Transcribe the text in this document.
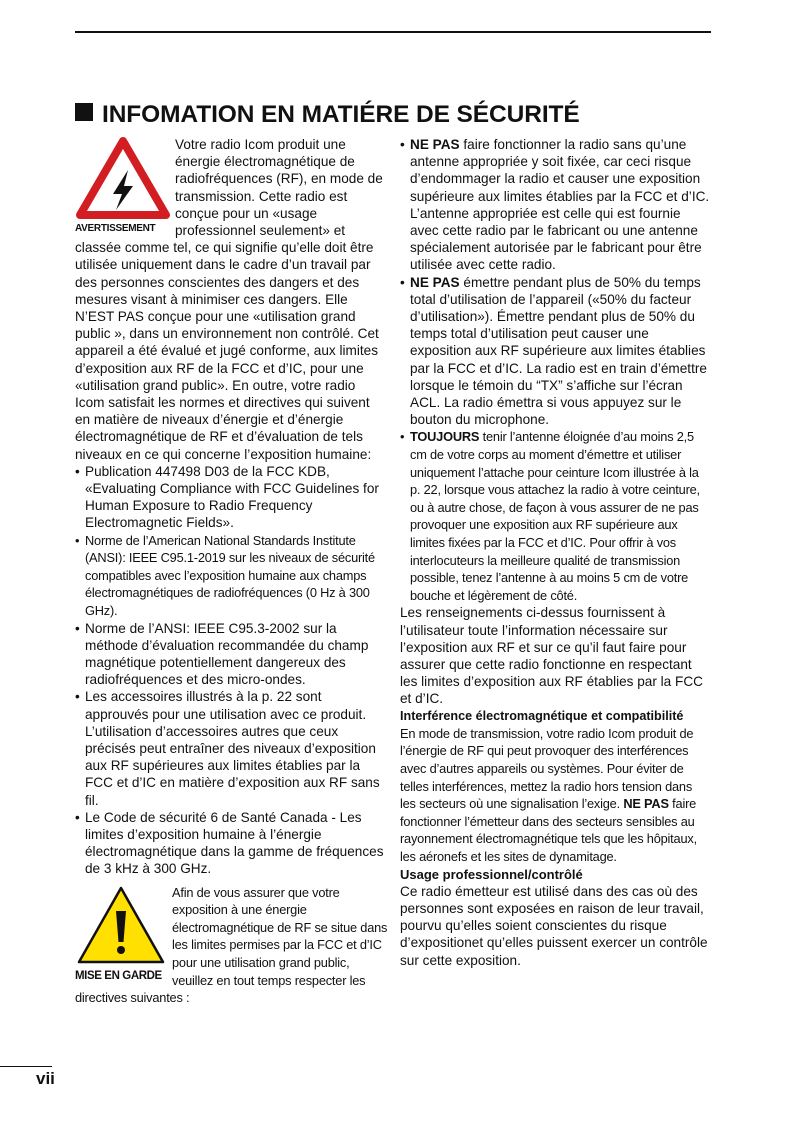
INFOMATION EN MATIÉRE DE SÉCURITÉ
AVERTISSEMENT

Votre radio Icom produit une énergie électromagnétique de radiofréquences (RF), en mode de transmission. Cette radio est conçue pour un «usage professionnel seulement» et classée comme tel, ce qui signifie qu’elle doit être utilisée uniquement dans le cadre d’un travail par des personnes conscientes des dangers et des mesures visant à minimiser ces dangers. Elle N’EST PAS conçue pour une «utilisation grand public », dans un environnement non contrôlé. Cet appareil a été évalué et jugé conforme, aux limites d’exposition aux RF de la FCC et d’IC, pour une «utilisation grand public». En outre, votre radio Icom satisfait les normes et directives qui suivent en matière de niveaux d’énergie et d’énergie électromagnétique de RF et d’évaluation de tels niveaux en ce qui concerne l’exposition humaine:

• Publication 447498 D03 de la FCC KDB, «Evaluating Compliance with FCC Guidelines for Human Exposure to Radio Frequency Electromagnetic Fields».
• Norme de l’American National Standards Institute (ANSI): IEEE C95.1-2019 sur les niveaux de sécurité compatibles avec l’exposition humaine aux champs électromagnétiques de radiofréquences (0 Hz à 300 GHz).
• Norme de l’ANSI: IEEE C95.3-2002 sur la méthode d’évaluation recommandée du champ magnétique potentiellement dangereux des radiofréquences et des micro-ondes.
• Les accessoires illustrés à la p. 22 sont approuvés pour une utilisation avec ce produit. L’utilisation d’accessoires autres que ceux précisés peut entraîner des niveaux d’exposition aux RF supérieures aux limites établies par la FCC et d’IC en matière d’exposition aux RF sans fil.
• Le Code de sécurité 6 de Santé Canada - Les limites d’exposition humaine à l’énergie électromagnétique dans la gamme de fréquences de 3 kHz à 300 GHz.
MISE EN GARDE

Afin de vous assurer que votre exposition à une énergie électromagnétique de RF se situe dans les limites permises par la FCC et d’IC pour une utilisation grand public, veuillez en tout temps respecter les directives suivantes :

• NE PAS faire fonctionner la radio sans qu’une antenne appropriée y soit fixée, car ceci risque d’endommager la radio et causer une exposition supérieure aux limites établies par la FCC et d’IC. L’antenne appropriée est celle qui est fournie avec cette radio par le fabricant ou une antenne spécialement autorisée par le fabricant pour être utilisée avec cette radio.
• NE PAS émettre pendant plus de 50% du temps total d’utilisation de l’appareil («50% du facteur d’utilisation»). Émettre pendant plus de 50% du temps total d’utilisation peut causer une exposition aux RF supérieure aux limites établies par la FCC et d’IC. La radio est en train d’émettre lorsque le témoin du “TX” s’affiche sur l’écran ACL. La radio émettra si vous appuyez sur le bouton du microphone.
• TOUJOURS tenir l’antenne éloignée d’au moins 2,5 cm de votre corps au moment d’émettre et utiliser uniquement l’attache pour ceinture Icom illustrée à la p. 22, lorsque vous attachez la radio à votre ceinture, ou à autre chose, de façon à vous assurer de ne pas provoquer une exposition aux RF supérieure aux limites fixées par la FCC et d’IC. Pour offrir à vos interlocuteurs la meilleure qualité de transmission possible, tenez l’antenne à au moins 5 cm de votre bouche et légèrement de côté.

Les renseignements ci-dessus fournissent à l’utilisateur toute l’information nécessaire sur l’exposition aux RF et sur ce qu’il faut faire pour assurer que cette radio fonctionne en respectant les limites d’exposition aux RF établies par la FCC et d’IC.

Interférence électromagnétique et compatibilité

En mode de transmission, votre radio Icom produit de l’énergie de RF qui peut provoquer des interférences avec d’autres appareils ou systèmes. Pour éviter de telles interférences, mettez la radio hors tension dans les secteurs où une signalisation l’exige. NE PAS faire fonctionner l’émetteur dans des secteurs sensibles au rayonnement électromagnétique tels que les hôpitaux, les aéronefs et les sites de dynamitage.

Usage professionnel/contrôlé

Ce radio émetteur est utilisé dans des cas où des personnes sont exposées en raison de leur travail, pourvu qu’elles soient conscientes du risque d’expositionet qu’elles puissent exercer un contrôle sur cette exposition.

vii
